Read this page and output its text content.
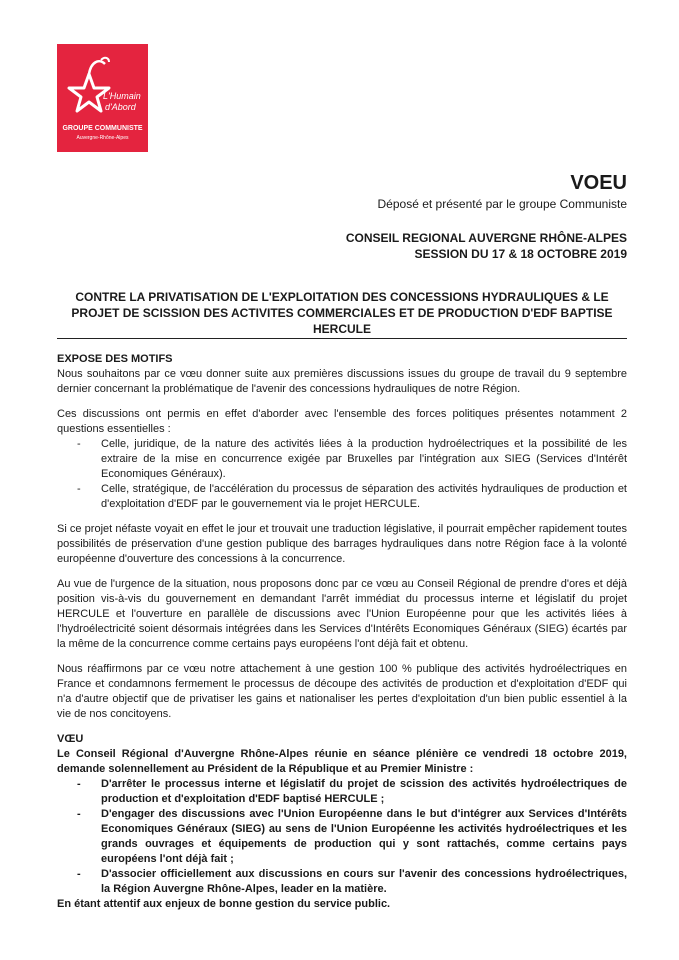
L'Humain
d'Abord
GROUPE COMMUNISTE
Auvergne-Rhône-Alpes
VOEU
Déposé et présenté par le groupe Communiste
CONSEIL REGIONAL AUVERGNE RHÔNE-ALPES
SESSION DU 17 & 18 OCTOBRE 2019
CONTRE LA PRIVATISATION DE L'EXPLOITATION DES CONCESSIONS HYDRAULIQUES & LE PROJET DE SCISSION DES ACTIVITES COMMERCIALES ET DE PRODUCTION D'EDF BAPTISE HERCULE

EXPOSE DES MOTIFS

Nous souhaitons par ce vœu donner suite aux premières discussions issues du groupe de travail du 9 septembre dernier concernant la problématique de l'avenir des concessions hydrauliques de notre Région.

Ces discussions ont permis en effet d'aborder avec l'ensemble des forces politiques présentes notamment 2 questions essentielles :

- Celle, juridique, de la nature des activités liées à la production hydroélectriques et la possibilité de les extraire de la mise en concurrence exigée par Bruxelles par l'intégration aux SIEG (Services d'Intérêt Economiques Généraux).
- Celle, stratégique, de l'accélération du processus de séparation des activités hydrauliques de production et d'exploitation d'EDF par le gouvernement via le projet HERCULE.

Si ce projet néfaste voyait en effet le jour et trouvait une traduction législative, il pourrait empêcher rapidement toutes possibilités de préservation d'une gestion publique des barrages hydrauliques dans notre Région face à la volonté européenne d'ouverture des concessions à la concurrence.

Au vue de l'urgence de la situation, nous proposons donc par ce vœu au Conseil Régional de prendre d'ores et déjà position vis-à-vis du gouvernement en demandant l'arrêt immédiat du processus interne et législatif du projet HERCULE et l'ouverture en parallèle de discussions avec l'Union Européenne pour que les activités liées à l'hydroélectricité soient désormais intégrées dans les Services d'Intérêts Economiques Généraux (SIEG) écartés par la même de la concurrence comme certains pays européens l'ont déjà fait et obtenu.

Nous réaffirmons par ce vœu notre attachement à une gestion 100 % publique des activités hydroélectriques en France et condamnons fermement le processus de découpe des activités de production et d'exploitation d'EDF qui n'a d'autre objectif que de privatiser les gains et nationaliser les pertes d'exploitation d'un bien public essentiel à la vie de nos concitoyens.

VŒU

Le Conseil Régional d'Auvergne Rhône-Alpes réunie en séance plénière ce vendredi 18 octobre 2019, demande solennellement au Président de la République et au Premier Ministre :

- D'arrêter le processus interne et législatif du projet de scission des activités hydroélectriques de production et d'exploitation d'EDF baptisé HERCULE ;
- D'engager des discussions avec l'Union Européenne dans le but d'intégrer aux Services d'Intérêts Economiques Généraux (SIEG) au sens de l'Union Européenne les activités hydroélectriques et les grands ouvrages et équipements de production qui y sont rattachés, comme certains pays européens l'ont déjà fait ;
- D'associer officiellement aux discussions en cours sur l'avenir des concessions hydroélectriques, la Région Auvergne Rhône-Alpes, leader en la matière.

En étant attentif aux enjeux de bonne gestion du service public.
